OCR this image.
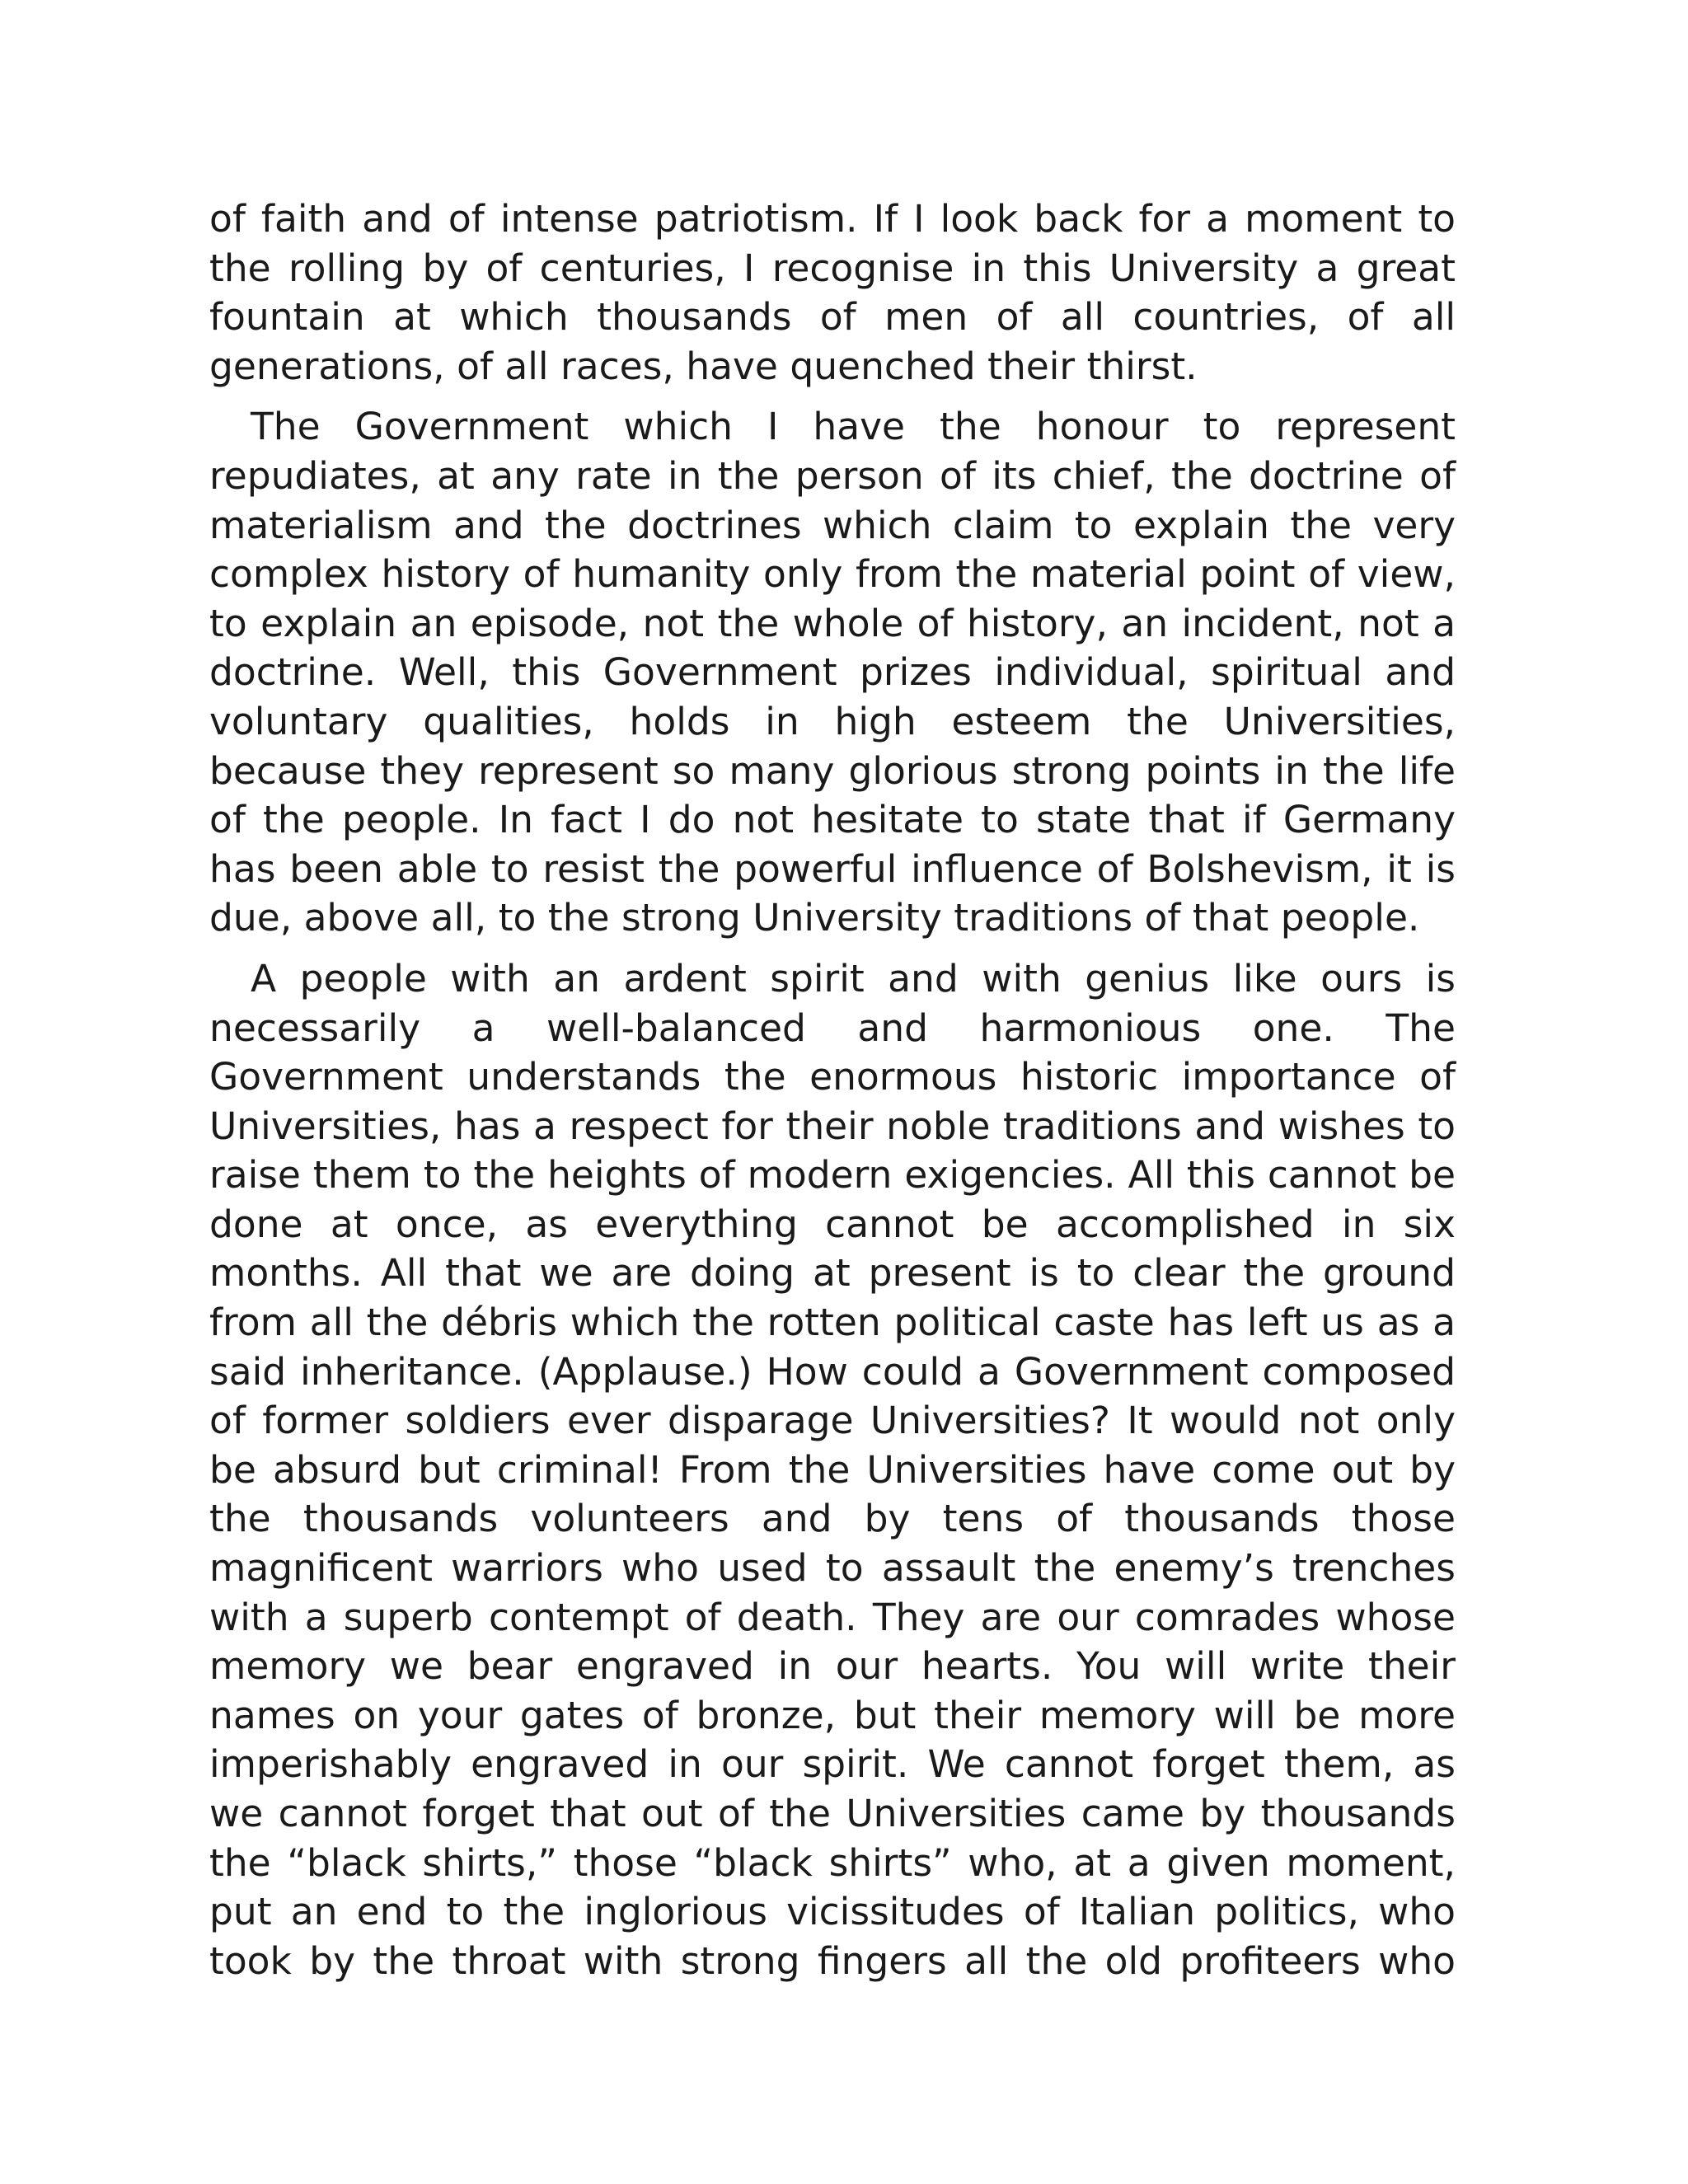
of faith and of intense patriotism. If I look back for a moment to the rolling by of centuries, I recognise in this University a great fountain at which thousands of men of all countries, of all generations, of all races, have quenched their thirst.

The Government which I have the honour to represent repudiates, at any rate in the person of its chief, the doctrine of materialism and the doctrines which claim to explain the very complex history of humanity only from the material point of view, to explain an episode, not the whole of history, an incident, not a doctrine. Well, this Government prizes individual, spiritual and voluntary qualities, holds in high esteem the Universities, because they represent so many glorious strong points in the life of the people. In fact I do not hesitate to state that if Germany has been able to resist the powerful influence of Bolshevism, it is due, above all, to the strong University traditions of that people.

A people with an ardent spirit and with genius like ours is necessarily a well-balanced and harmonious one. The Government understands the enormous historic importance of Universities, has a respect for their noble traditions and wishes to raise them to the heights of modern exigencies. All this cannot be done at once, as everything cannot be accomplished in six months. All that we are doing at present is to clear the ground from all the débris which the rotten political caste has left us as a said inheritance. (Applause.) How could a Government composed of former soldiers ever disparage Universities? It would not only be absurd but criminal! From the Universities have come out by the thousands volunteers and by tens of thousands those magnificent warriors who used to assault the enemy’s trenches with a superb contempt of death. They are our comrades whose memory we bear engraved in our hearts. You will write their names on your gates of bronze, but their memory will be more imperishably engraved in our spirit. We cannot forget them, as we cannot forget that out of the Universities came by thousands the “black shirts,” those “black shirts” who, at a given moment, put an end to the inglorious vicissitudes of Italian politics, who took by the throat with strong fingers all the old profiteers who
